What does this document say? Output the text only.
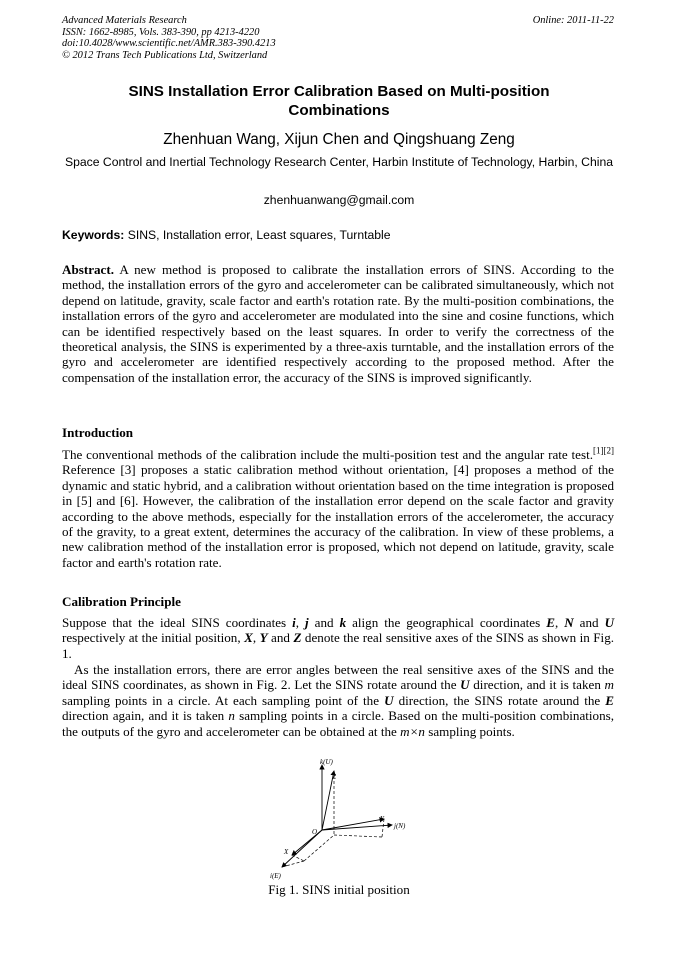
Advanced Materials Research
ISSN: 1662-8985, Vols. 383-390, pp 4213-4220
doi:10.4028/www.scientific.net/AMR.383-390.4213
© 2012 Trans Tech Publications Ltd, Switzerland
Online: 2011-11-22
SINS Installation Error Calibration Based on Multi-position
Combinations
Zhenhuan Wang, Xijun Chen and Qingshuang Zeng
Space Control and Inertial Technology Research Center, Harbin Institute of Technology, Harbin, China
zhenhuanwang@gmail.com
Keywords: SINS, Installation error, Least squares, Turntable
Abstract. A new method is proposed to calibrate the installation errors of SINS. According to the method, the installation errors of the gyro and accelerometer can be calibrated simultaneously, which not depend on latitude, gravity, scale factor and earth's rotation rate. By the multi-position combinations, the installation errors of the gyro and accelerometer are modulated into the sine and cosine functions, which can be identified respectively based on the least squares. In order to verify the correctness of the theoretical analysis, the SINS is experimented by a three-axis turntable, and the installation errors of the gyro and accelerometer are identified respectively according to the proposed method. After the compensation of the installation error, the accuracy of the SINS is improved significantly.
Introduction
The conventional methods of the calibration include the multi-position test and the angular rate test.[1][2] Reference [3] proposes a static calibration method without orientation, [4] proposes a method of the dynamic and static hybrid, and a calibration without orientation based on the time integration is proposed in [5] and [6]. However, the calibration of the installation error depend on the scale factor and gravity according to the above methods, especially for the installation errors of the accelerometer, the accuracy of the gravity, to a great extent, determines the accuracy of the calibration. In view of these problems, a new calibration method of the installation error is proposed, which not depend on latitude, gravity, scale factor and earth's rotation rate.
Calibration Principle
Suppose that the ideal SINS coordinates i, j and k align the geographical coordinates E, N and U respectively at the initial position, X, Y and Z denote the real sensitive axes of the SINS as shown in Fig. 1.
As the installation errors, there are error angles between the real sensitive axes of the SINS and the ideal SINS coordinates, as shown in Fig. 2. Let the SINS rotate around the U direction, and it is taken m sampling points in a circle. At each sampling point of the U direction, the SINS rotate around the E direction again, and it is taken n sampling points in a circle. Based on the multi-position combinations, the outputs of the gyro and accelerometer can be obtained at the m×n sampling points.
k(U)
Z
j(N)
Y
O
X
i(E)
Fig 1. SINS initial position
